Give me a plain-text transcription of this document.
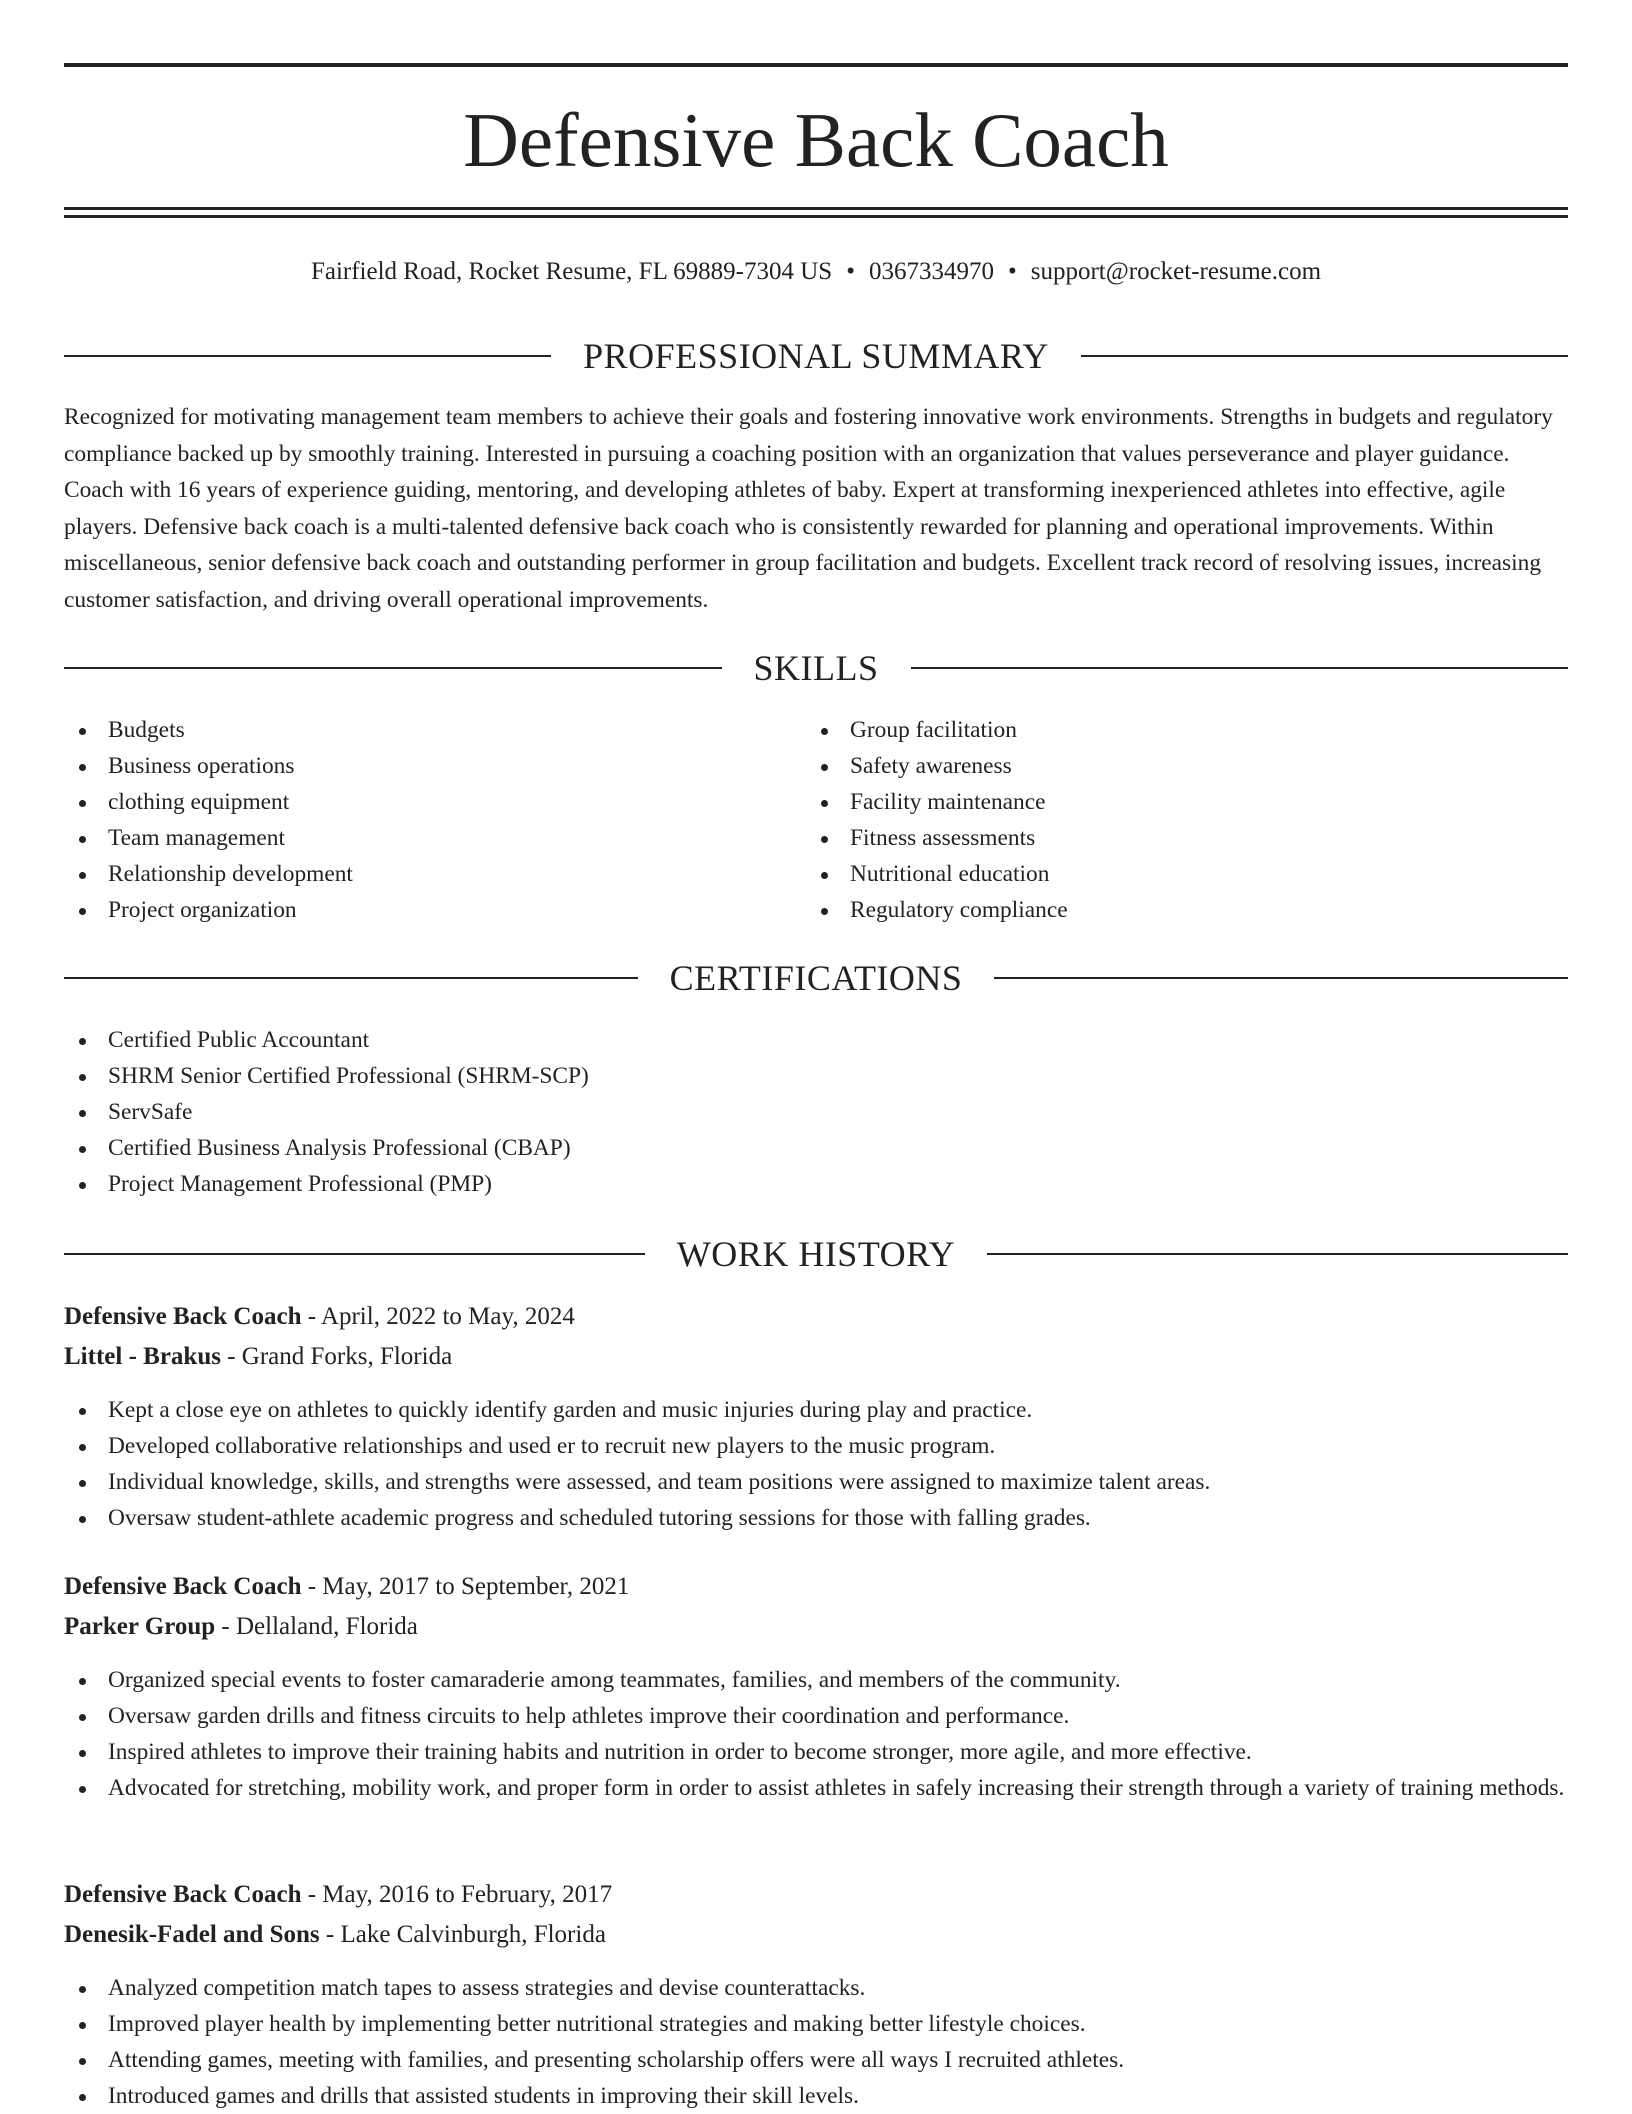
Defensive Back Coach
Fairfield Road, Rocket Resume, FL 69889-7304 US • 0367334970 • support@rocket-resume.com
PROFESSIONAL SUMMARY

Recognized for motivating management team members to achieve their goals and fostering innovative work environments. Strengths in budgets and regulatory compliance backed up by smoothly training. Interested in pursuing a coaching position with an organization that values perseverance and player guidance. Coach with 16 years of experience guiding, mentoring, and developing athletes of baby. Expert at transforming inexperienced athletes into effective, agile players. Defensive back coach is a multi-talented defensive back coach who is consistently rewarded for planning and operational improvements. Within miscellaneous, senior defensive back coach and outstanding performer in group facilitation and budgets. Excellent track record of resolving issues, increasing customer satisfaction, and driving overall operational improvements.

SKILLS
Budgets
Business operations
clothing equipment
Team management
Relationship development
Project organization
Group facilitation
Safety awareness
Facility maintenance
Fitness assessments
Nutritional education
Regulatory compliance
CERTIFICATIONS
Certified Public Accountant
SHRM Senior Certified Professional (SHRM-SCP)
ServSafe
Certified Business Analysis Professional (CBAP)
Project Management Professional (PMP)
WORK HISTORY
Defensive Back Coach - April, 2022 to May, 2024
Littel - Brakus - Grand Forks, Florida
Kept a close eye on athletes to quickly identify garden and music injuries during play and practice.
Developed collaborative relationships and used er to recruit new players to the music program.
Individual knowledge, skills, and strengths were assessed, and team positions were assigned to maximize talent areas.
Oversaw student-athlete academic progress and scheduled tutoring sessions for those with falling grades.
Defensive Back Coach - May, 2017 to September, 2021
Parker Group - Dellaland, Florida
Organized special events to foster camaraderie among teammates, families, and members of the community.
Oversaw garden drills and fitness circuits to help athletes improve their coordination and performance.
Inspired athletes to improve their training habits and nutrition in order to become stronger, more agile, and more effective.
Advocated for stretching, mobility work, and proper form in order to assist athletes in safely increasing their strength through a variety of training methods.
Defensive Back Coach - May, 2016 to February, 2017
Denesik-Fadel and Sons - Lake Calvinburgh, Florida
Analyzed competition match tapes to assess strategies and devise counterattacks.
Improved player health by implementing better nutritional strategies and making better lifestyle choices.
Attending games, meeting with families, and presenting scholarship offers were all ways I recruited athletes.
Introduced games and drills that assisted students in improving their skill levels.
